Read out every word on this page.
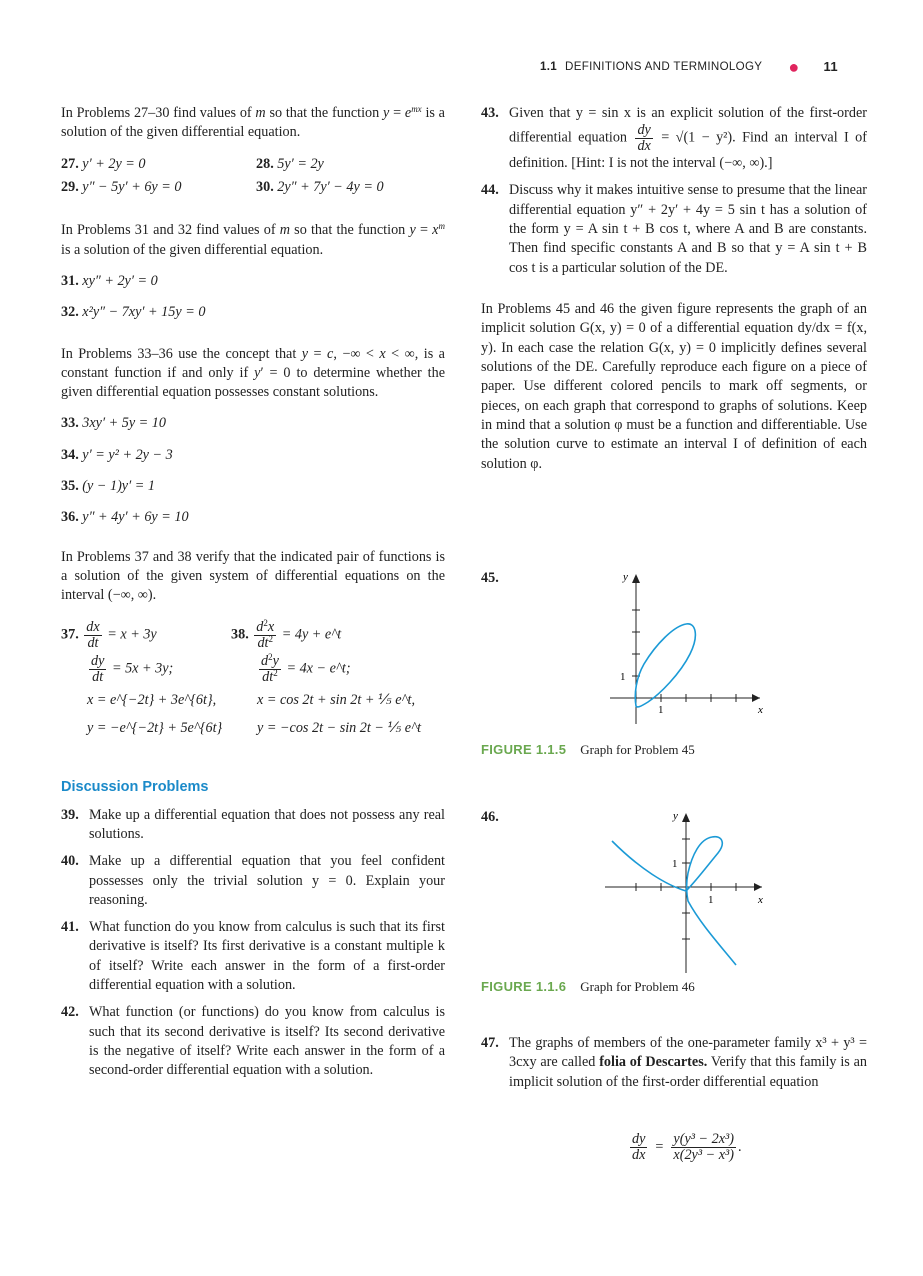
1.1 DEFINITIONS AND TERMINOLOGY ● 11

In Problems 27–30 find values of m so that the function $y = e^{mx}$ is a solution of the given differential equation.

27. y′ + 2y = 0	28. 5y′ = 2y
29. y″ − 5y′ + 6y = 0	30. 2y″ + 7y′ − 4y = 0

In Problems 31 and 32 find values of m so that the function $y = x^m$ is a solution of the given differential equation.

31. xy″ + 2y′ = 0
32. x²y″ − 7xy′ + 15y = 0

In Problems 33–36 use the concept that y = c, −∞ < x < ∞, is a constant function if and only if y′ = 0 to determine whether the given differential equation possesses constant solutions.

33. 3xy′ + 5y = 10
34. y′ = y² + 2y − 3
35. (y − 1)y′ = 1
36. y″ + 4y′ + 6y = 10

In Problems 37 and 38 verify that the indicated pair of functions is a solution of the given system of differential equations on the interval (−∞, ∞).

37. $\frac{dx}{dt} = x + 3y$	38. $\frac{d^2x}{dt^2} = 4y$ + e^t
$\frac{dy}{dt} = 5x + 3y$;	$\frac{d^2y}{dt^2} = 4x$ − e^t;
x = e^{−2t} + 3e^{6t},	x = cos 2t + sin 2t + ⅕ e^t,
y = −e^{−2t} + 5e^{6t}	y = −cos 2t − sin 2t − ⅕ e^t
Discussion Problems
39. Make up a differential equation that does not possess any real solutions.
40. Make up a differential equation that you feel confident possesses only the trivial solution y = 0. Explain your reasoning.
41. What function do you know from calculus is such that its first derivative is itself? Its first derivative is a constant multiple k of itself? Write each answer in the form of a first-order differential equation with a solution.
42. What function (or functions) do you know from calculus is such that its second derivative is itself? Its second derivative is the negative of itself? Write each answer in the form of a second-order differential equation with a solution.
43. Given that y = sin x is an explicit solution of the first-order differential equation $\frac{dy}{dx} = √(1 - y^2)$. Find an interval I of definition. [Hint: I is not the interval (−∞, ∞).]
44. Discuss why it makes intuitive sense to presume that the linear differential equation y″ + 2y′ + 4y = 5 sin t has a solution of the form y = A sin t + B cos t, where A and B are constants. Then find specific constants A and B so that y = A sin t + B cos t is a particular solution of the DE.

In Problems 45 and 46 the given figure represents the graph of an implicit solution G(x, y) = 0 of a differential equation dy/dx = f(x, y). In each case the relation G(x, y) = 0 implicitly defines several solutions of the DE. Carefully reproduce each figure on a piece of paper. Use different colored pencils to mark off segments, or pieces, on each graph that correspond to graphs of solutions. Keep in mind that a solution φ must be a function and differentiable. Use the solution curve to estimate an interval I of definition of each solution φ.

45.
1
1	x
y
FIGURE 1.1.5 Graph for Problem 45
46.
1
1	x
y
FIGURE 1.1.6 Graph for Problem 46
47. The graphs of members of the one-parameter family x³ + y³ = 3cxy are called folia of Descartes. Verify that this family is an implicit solution of the first-order differential equation
$\frac{dy}{dx} = \frac{\text{y(y³ − 2x³)}}{\text{x(2y³ − x³)}}$ .
